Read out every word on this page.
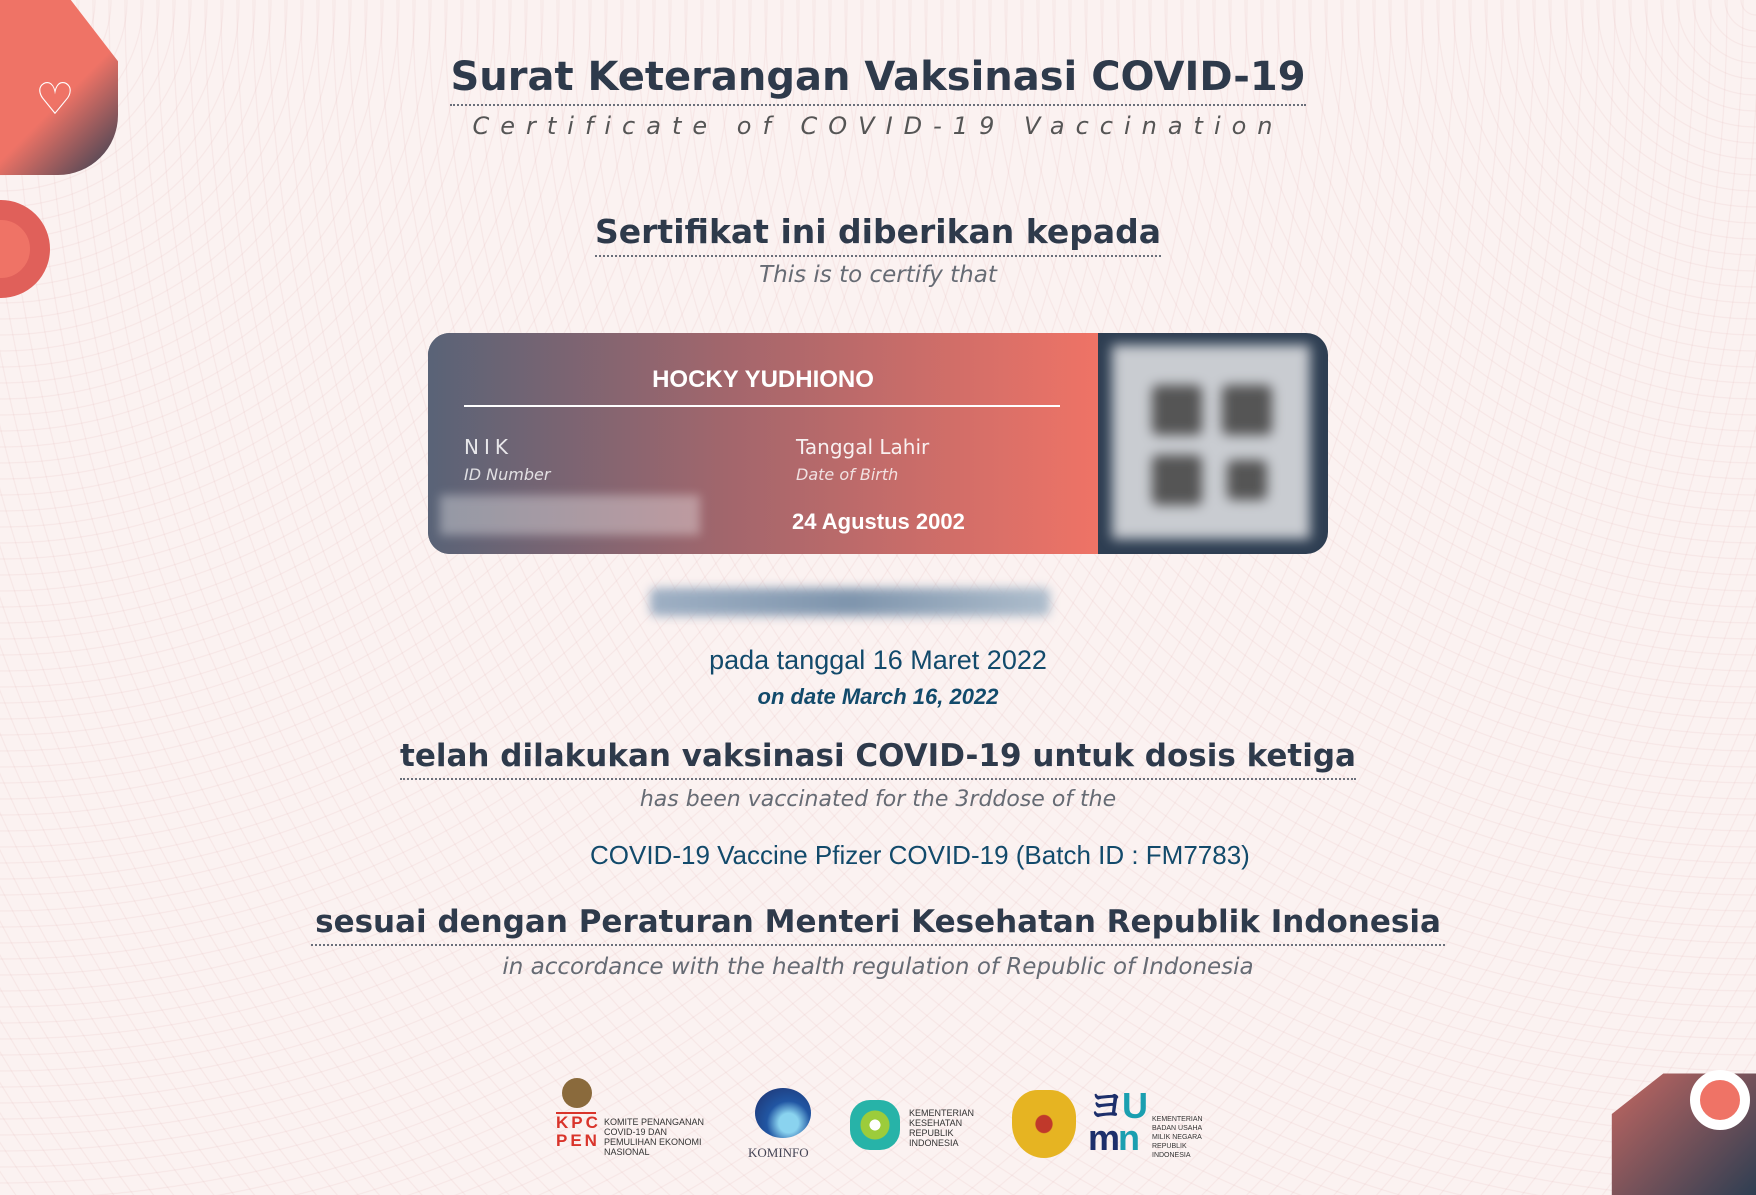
♡	Surat Keterangan Vaksinasi COVID-19
Certificate of COVID-19 Vaccination
Sertifikat ini diberikan kepada
This is to certify that
HOCKY YUDHIONO
NIK
ID Number
Tanggal Lahir
Date of Birth
24 Agustus 2002
pada tanggal 16 Maret 2022
on date March 16, 2022
telah dilakukan vaksinasi COVID-19 untuk dosis ketiga
has been vaccinated for the 3rddose of the
COVID-19 Vaccine Pfizer COVID-19 (Batch ID : FM7783)
sesuai dengan Peraturan Menteri Kesehatan Republik Indonesia
in accordance with the health regulation of Republic of Indonesia
KPC PEN
KOMITE PENANGANAN COVID-19 DAN PEMULIHAN EKONOMI NASIONAL	KOMINFO
KEMENTERIAN KESEHATAN REPUBLIK INDONESIA
ヨU
mn	KEMENTERIAN BADAN USAHA MILIK NEGARA REPUBLIK INDONESIA
